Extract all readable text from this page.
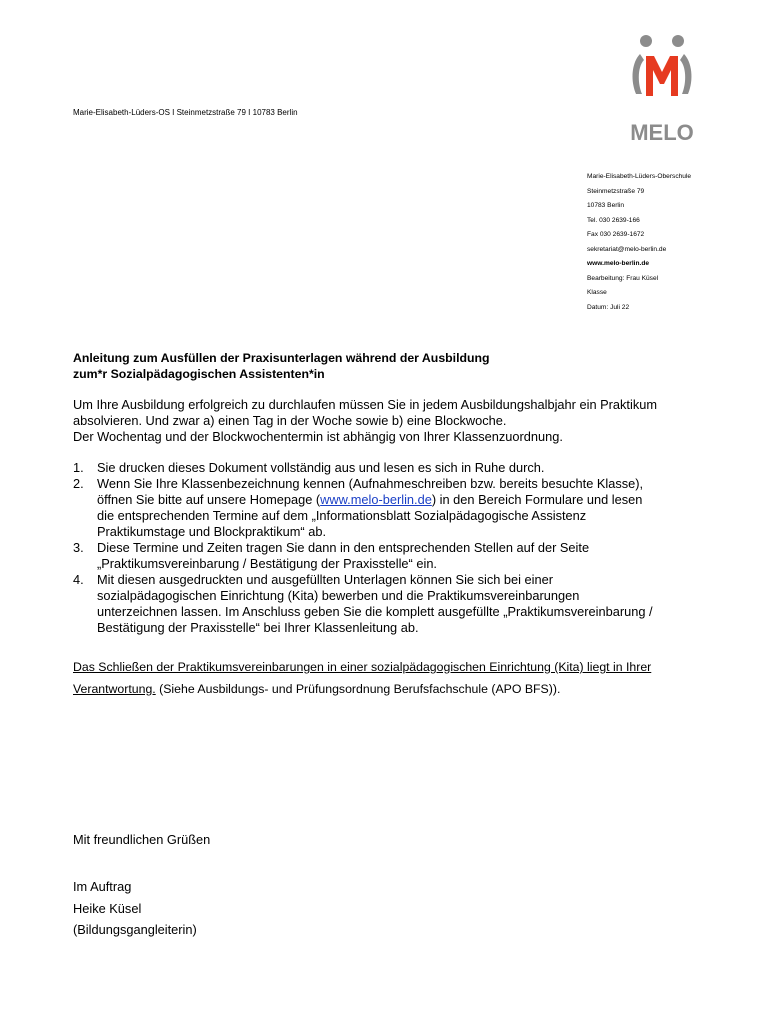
Marie-Elisabeth-Lüders-OS I Steinmetzstraße 79 I 10783 Berlin
MELO
Marie-Elisabeth-Lüders-Oberschule
Steinmetzstraße 79
10783 Berlin
Tel. 030 2639-166
Fax 030 2639-1672
sekretariat@melo-berlin.de
www.melo-berlin.de
Bearbeitung: Frau Küsel
Klasse
Datum: Juli 22
Anleitung zum Ausfüllen der Praxisunterlagen während der Ausbildung
zum*r Sozialpädagogischen Assistenten*in
Um Ihre Ausbildung erfolgreich zu durchlaufen müssen Sie in jedem Ausbildungshalbjahr ein Praktikum
absolvieren. Und zwar a) einen Tag in der Woche sowie b) eine Blockwoche.
Der Wochentag und der Blockwochentermin ist abhängig von Ihrer Klassenzuordnung.
1. Sie drucken dieses Dokument vollständig aus und lesen es sich in Ruhe durch.
2. Wenn Sie Ihre Klassenbezeichnung kennen (Aufnahmeschreiben bzw. bereits besuchte Klasse),
öffnen Sie bitte auf unsere Homepage (www.melo-berlin.de) in den Bereich Formulare und lesen
die entsprechenden Termine auf dem „Informationsblatt Sozialpädagogische Assistenz
Praktikumstage und Blockpraktikum“ ab.
3. Diese Termine und Zeiten tragen Sie dann in den entsprechenden Stellen auf der Seite
„Praktikumsvereinbarung / Bestätigung der Praxisstelle“ ein.
4. Mit diesen ausgedruckten und ausgefüllten Unterlagen können Sie sich bei einer
sozialpädagogischen Einrichtung (Kita) bewerben und die Praktikumsvereinbarungen
unterzeichnen lassen. Im Anschluss geben Sie die komplett ausgefüllte „Praktikumsvereinbarung /
Bestätigung der Praxisstelle“ bei Ihrer Klassenleitung ab.
Das Schließen der Praktikumsvereinbarungen in einer sozialpädagogischen Einrichtung (Kita) liegt in Ihrer
Verantwortung. (Siehe Ausbildungs- und Prüfungsordnung Berufsfachschule (APO BFS)).
Mit freundlichen Grüßen
Im Auftrag
Heike Küsel
(Bildungsgangleiterin)
